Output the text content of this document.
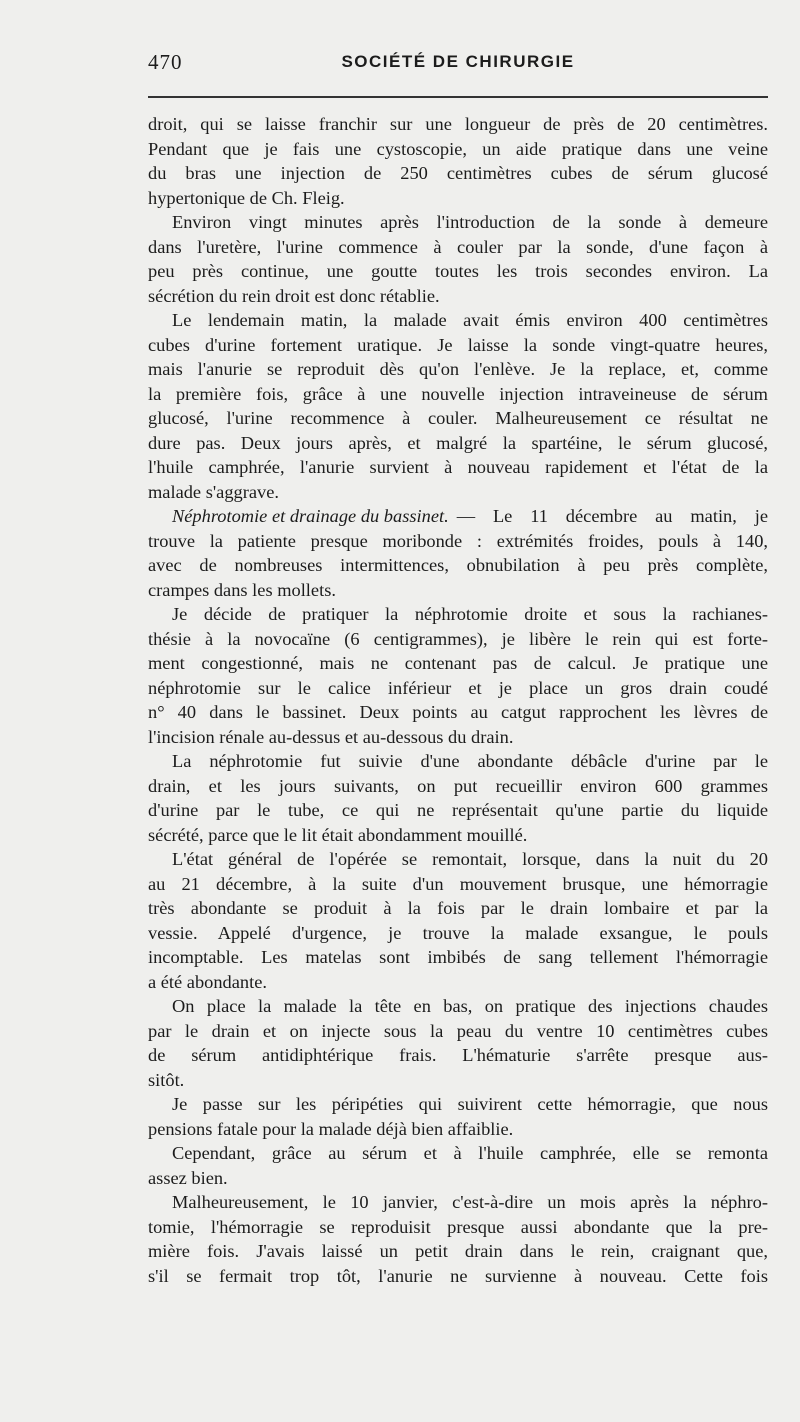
470	SOCIÉTÉ DE CHIRURGIE
droit, qui se laisse franchir sur une longueur de près de 20 centimètres.
Pendant que je fais une cystoscopie, un aide pratique dans une veine
du bras une injection de 250 centimètres cubes de sérum glucosé
hypertonique de Ch. Fleig.
Environ vingt minutes après l'introduction de la sonde à demeure
dans l'uretère, l'urine commence à couler par la sonde, d'une façon à
peu près continue, une goutte toutes les trois secondes environ. La
sécrétion du rein droit est donc rétablie.
Le lendemain matin, la malade avait émis environ 400 centimètres
cubes d'urine fortement uratique. Je laisse la sonde vingt-quatre heures,
mais l'anurie se reproduit dès qu'on l'enlève. Je la replace, et, comme
la première fois, grâce à une nouvelle injection intraveineuse de sérum
glucosé, l'urine recommence à couler. Malheureusement ce résultat ne
dure pas. Deux jours après, et malgré la spartéine, le sérum glucosé,
l'huile camphrée, l'anurie survient à nouveau rapidement et l'état de la
malade s'aggrave.
Néphrotomie et drainage du bassinet. — Le 11 décembre au matin, je
trouve la patiente presque moribonde : extrémités froides, pouls à 140,
avec de nombreuses intermittences, obnubilation à peu près complète,
crampes dans les mollets.
Je décide de pratiquer la néphrotomie droite et sous la rachianes-
thésie à la novocaïne (6 centigrammes), je libère le rein qui est forte-
ment congestionné, mais ne contenant pas de calcul. Je pratique une
néphrotomie sur le calice inférieur et je place un gros drain coudé
n° 40 dans le bassinet. Deux points au catgut rapprochent les lèvres de
l'incision rénale au-dessus et au-dessous du drain.
La néphrotomie fut suivie d'une abondante débâcle d'urine par le
drain, et les jours suivants, on put recueillir environ 600 grammes
d'urine par le tube, ce qui ne représentait qu'une partie du liquide
sécrété, parce que le lit était abondamment mouillé.
L'état général de l'opérée se remontait, lorsque, dans la nuit du 20
au 21 décembre, à la suite d'un mouvement brusque, une hémorragie
très abondante se produit à la fois par le drain lombaire et par la
vessie. Appelé d'urgence, je trouve la malade exsangue, le pouls
incomptable. Les matelas sont imbibés de sang tellement l'hémorragie
a été abondante.
On place la malade la tête en bas, on pratique des injections chaudes
par le drain et on injecte sous la peau du ventre 10 centimètres cubes
de sérum antidiphtérique frais. L'hématurie s'arrête presque aus-
sitôt.
Je passe sur les péripéties qui suivirent cette hémorragie, que nous
pensions fatale pour la malade déjà bien affaiblie.
Cependant, grâce au sérum et à l'huile camphrée, elle se remonta
assez bien.
Malheureusement, le 10 janvier, c'est-à-dire un mois après la néphro-
tomie, l'hémorragie se reproduisit presque aussi abondante que la pre-
mière fois. J'avais laissé un petit drain dans le rein, craignant que,
s'il se fermait trop tôt, l'anurie ne survienne à nouveau. Cette fois
